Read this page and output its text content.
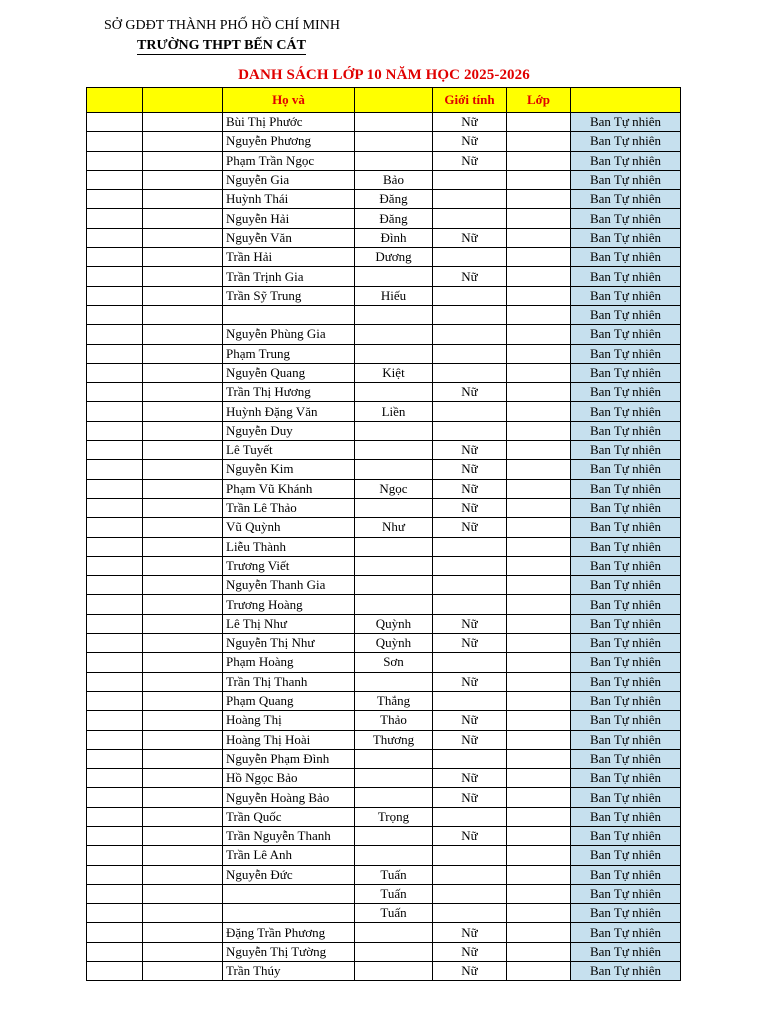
SỞ GDĐT THÀNH PHỐ HỒ CHÍ MINH
TRƯỜNG THPT BẾN CÁT
DANH SÁCH LỚP 10 NĂM HỌC 2025-2026
		Họ và		Giới tính	Lớp	
		Bùi Thị Phước		Nữ		Ban Tự nhiên
		Nguyễn Phương		Nữ		Ban Tự nhiên
		Phạm Trần Ngọc		Nữ		Ban Tự nhiên
		Nguyễn Gia	Bảo			Ban Tự nhiên
		Huỳnh Thái	Đăng			Ban Tự nhiên
		Nguyễn Hải	Đăng			Ban Tự nhiên
		Nguyễn Văn	Đình	Nữ		Ban Tự nhiên
		Trần Hải	Dương			Ban Tự nhiên
		Trần Trịnh Gia		Nữ		Ban Tự nhiên
		Trần Sỹ Trung	Hiếu			Ban Tự nhiên
						Ban Tự nhiên
		Nguyễn Phùng Gia				Ban Tự nhiên
		Phạm Trung				Ban Tự nhiên
		Nguyễn Quang	Kiệt			Ban Tự nhiên
		Trần Thị Hương		Nữ		Ban Tự nhiên
		Huỳnh Đặng Văn	Liền			Ban Tự nhiên
		Nguyễn Duy				Ban Tự nhiên
		Lê Tuyết		Nữ		Ban Tự nhiên
		Nguyễn Kim		Nữ		Ban Tự nhiên
		Phạm Vũ Khánh	Ngọc	Nữ		Ban Tự nhiên
		Trần Lê Thảo		Nữ		Ban Tự nhiên
		Vũ Quỳnh	Như	Nữ		Ban Tự nhiên
		Liễu Thành				Ban Tự nhiên
		Trương Viết				Ban Tự nhiên
		Nguyễn Thanh Gia				Ban Tự nhiên
		Trương Hoàng				Ban Tự nhiên
		Lê Thị Như	Quỳnh	Nữ		Ban Tự nhiên
		Nguyễn Thị Như	Quỳnh	Nữ		Ban Tự nhiên
		Phạm Hoàng	Sơn			Ban Tự nhiên
		Trần Thị Thanh		Nữ		Ban Tự nhiên
		Phạm Quang	Thắng			Ban Tự nhiên
		Hoàng Thị	Thảo	Nữ		Ban Tự nhiên
		Hoàng Thị Hoài	Thương	Nữ		Ban Tự nhiên
		Nguyễn Phạm Đình				Ban Tự nhiên
		Hồ Ngọc Bảo		Nữ		Ban Tự nhiên
		Nguyễn Hoàng Bảo		Nữ		Ban Tự nhiên
		Trần Quốc	Trọng			Ban Tự nhiên
		Trần Nguyễn Thanh		Nữ		Ban Tự nhiên
		Trần Lê Anh				Ban Tự nhiên
		Nguyễn Đức	Tuấn			Ban Tự nhiên
			Tuấn			Ban Tự nhiên
			Tuấn			Ban Tự nhiên
		Đặng Trần Phương		Nữ		Ban Tự nhiên
		Nguyễn Thị Tường		Nữ		Ban Tự nhiên
		Trần Thúy		Nữ		Ban Tự nhiên
